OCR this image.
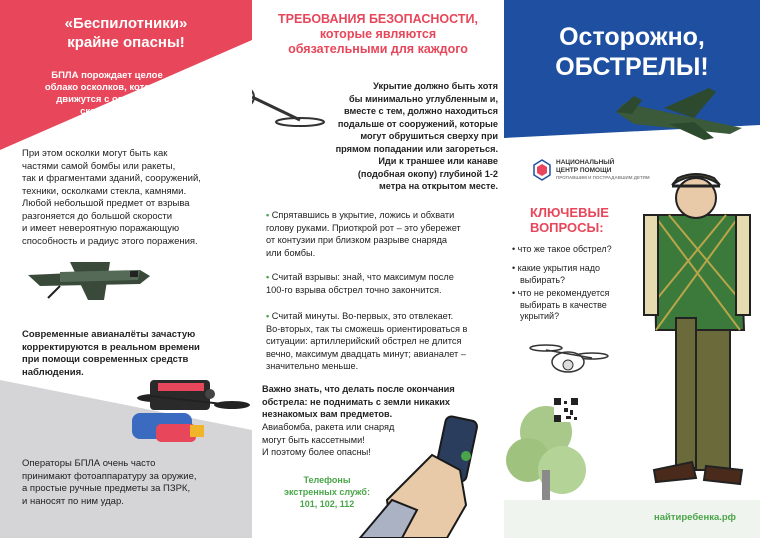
«Беспилотники»
крайне опасны!

БПЛА порождает целое
облако осколков, которые
движутся с огромной
скоростью.

При этом осколки могут быть как
частями самой бомбы или ракеты,
так и фрагментами зданий, сооружений,
техники, осколками стекла, камнями.
Любой небольшой предмет от взрыва
разгоняется до большой скорости
и имеет невероятную поражающую
способность и радиус этого поражения.

Современные авианалёты зачастую
корректируются в реальном времени
при помощи современных средств
наблюдения.

Операторы БПЛА очень часто
принимают фотоаппаратуру за оружие,
а простые ручные предметы за ПЗРК,
и наносят по ним удар.

ТРЕБОВАНИЯ БЕЗОПАСНОСТИ,
которые являются
обязательными для каждого

Укрытие должно быть хотя
бы минимально углубленным и,
вместе с тем, должно находиться
подальше от сооружений, которые
могут обрушиться сверху при
прямом попадании или загореться.
Иди к траншее или канаве
(подобная окопу) глубиной 1-2
метра на открытом месте.

• Спрятавшись в укрытие, ложись и обхвати
голову руками. Приоткрой рот – это убережет
от контузии при близком разрыве снаряда
или бомбы.

• Считай взрывы: знай, что максимум после
100-го взрыва обстрел точно закончится.

• Считай минуты. Во-первых, это отвлекает.
Во-вторых, так ты сможешь ориентироваться в
ситуации: артиллерийский обстрел не длится
вечно, максимум двадцать минут; авианалет –
значительно меньше.

Важно знать, что делать после окончания
обстрела: не поднимать с земли никаких
незнакомых вам предметов.

Авиабомба, ракета или снаряд
могут быть кассетными!
И поэтому более опасны!

Телефоны
экстренных служб:
101, 102, 112

Осторожно,
ОБСТРЕЛЫ!

НАЦИОНАЛЬНЫЙ
ЦЕНТР ПОМОЩИ
ПРОПАВШИМ И ПОСТРАДАВШИМ ДЕТЯМ

КЛЮЧЕВЫЕ
ВОПРОСЫ:

• что же такое обстрел?

• какие укрытия надо
выбирать?

• что не рекомендуется
выбирать в качестве
укрытий?

найтиребенка.рф
